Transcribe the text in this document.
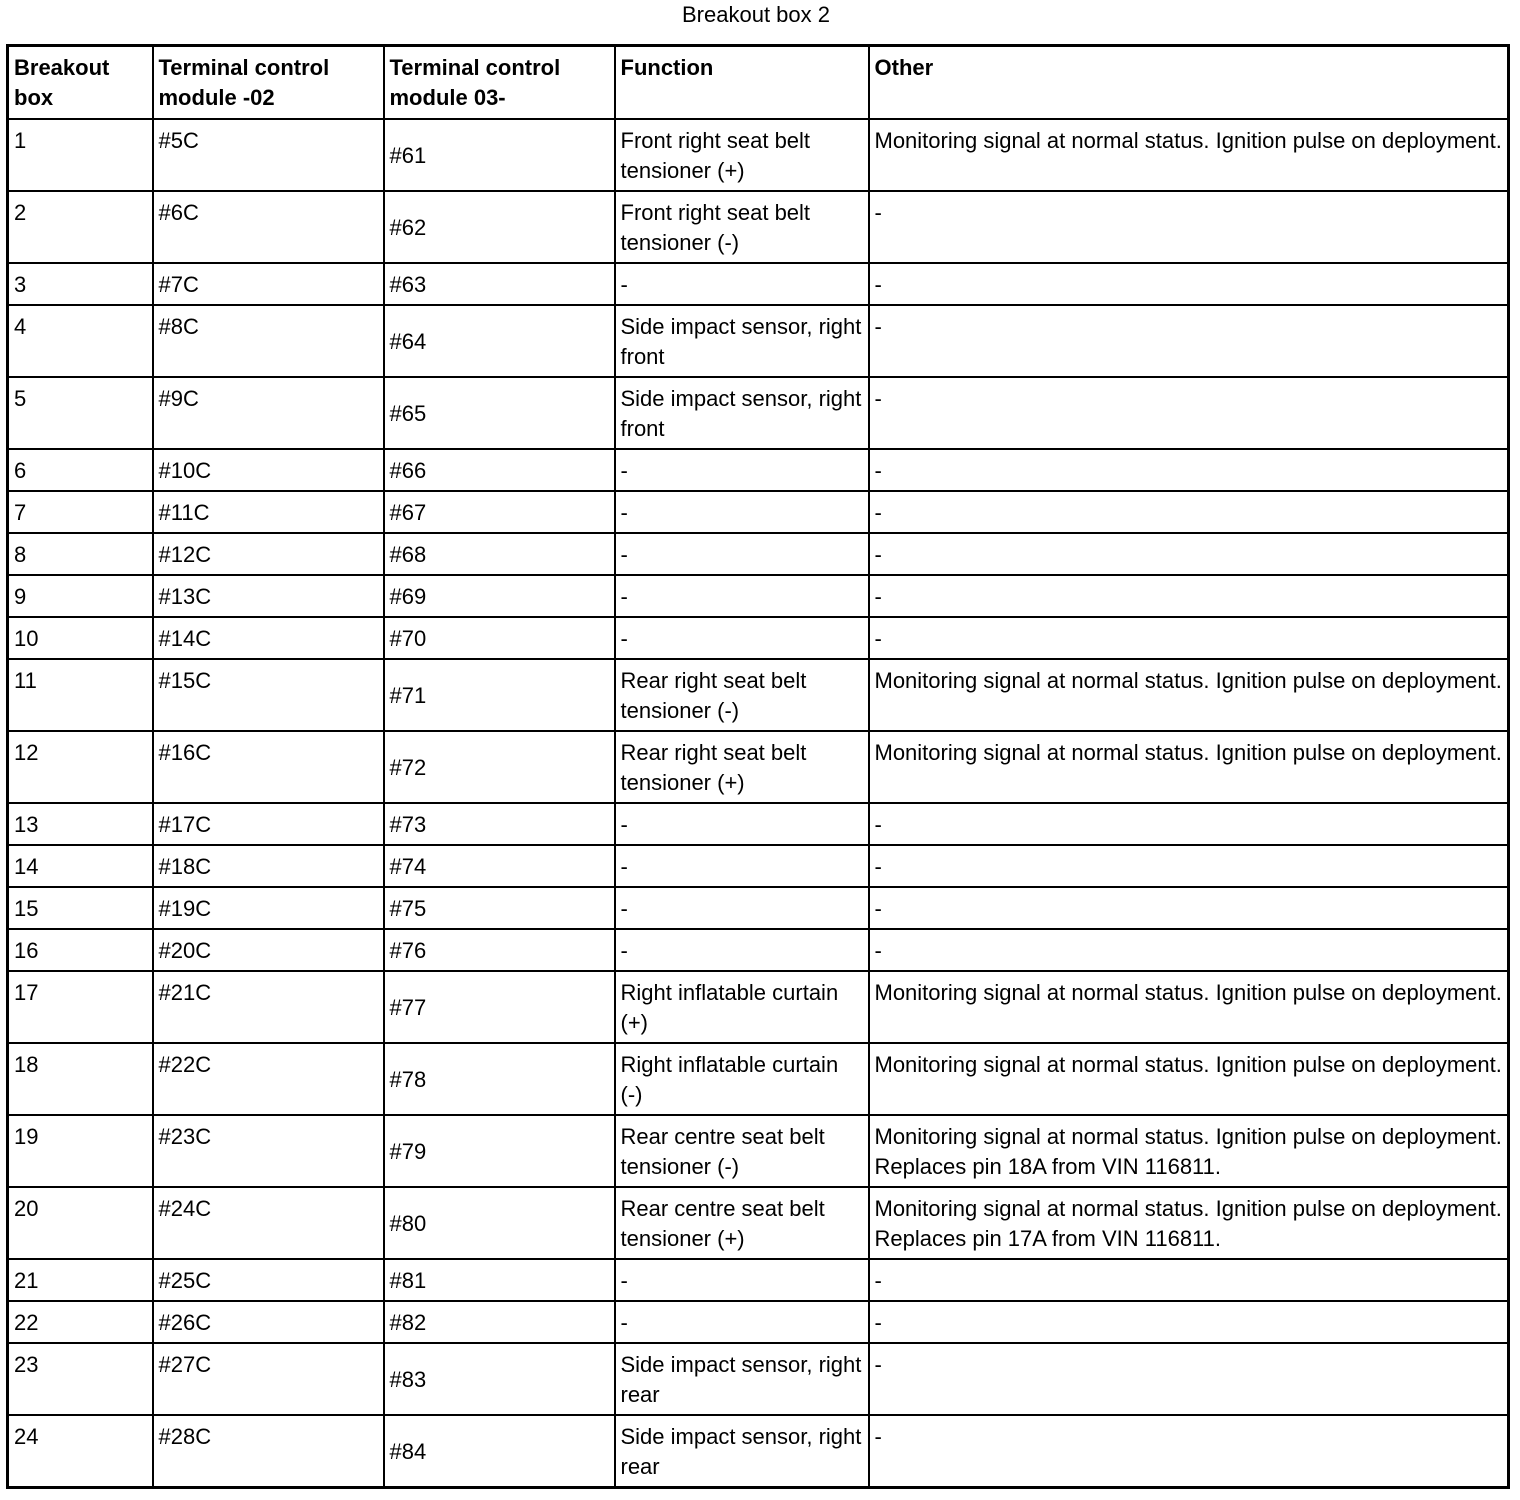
Breakout box 2
Breakout box	Terminal control module -02	Terminal control module 03-	Function	Other
1	#5C	#61	Front right seat belt tensioner (+)	Monitoring signal at normal status. Ignition pulse on deployment.
2	#6C	#62	Front right seat belt tensioner (-)	-
3	#7C	#63	-	-
4	#8C	#64	Side impact sensor, right front	-
5	#9C	#65	Side impact sensor, right front	-
6	#10C	#66	-	-
7	#11C	#67	-	-
8	#12C	#68	-	-
9	#13C	#69	-	-
10	#14C	#70	-	-
11	#15C	#71	Rear right seat belt tensioner (-)	Monitoring signal at normal status. Ignition pulse on deployment.
12	#16C	#72	Rear right seat belt tensioner (+)	Monitoring signal at normal status. Ignition pulse on deployment.
13	#17C	#73	-	-
14	#18C	#74	-	-
15	#19C	#75	-	-
16	#20C	#76	-	-
17	#21C	#77	Right inflatable curtain (+)	Monitoring signal at normal status. Ignition pulse on deployment.
18	#22C	#78	Right inflatable curtain (-)	Monitoring signal at normal status. Ignition pulse on deployment.
19	#23C	#79	Rear centre seat belt tensioner (-)	Monitoring signal at normal status. Ignition pulse on deployment. Replaces pin 18A from VIN 116811.
20	#24C	#80	Rear centre seat belt tensioner (+)	Monitoring signal at normal status. Ignition pulse on deployment. Replaces pin 17A from VIN 116811.
21	#25C	#81	-	-
22	#26C	#82	-	-
23	#27C	#83	Side impact sensor, right rear	-
24	#28C	#84	Side impact sensor, right rear	-
